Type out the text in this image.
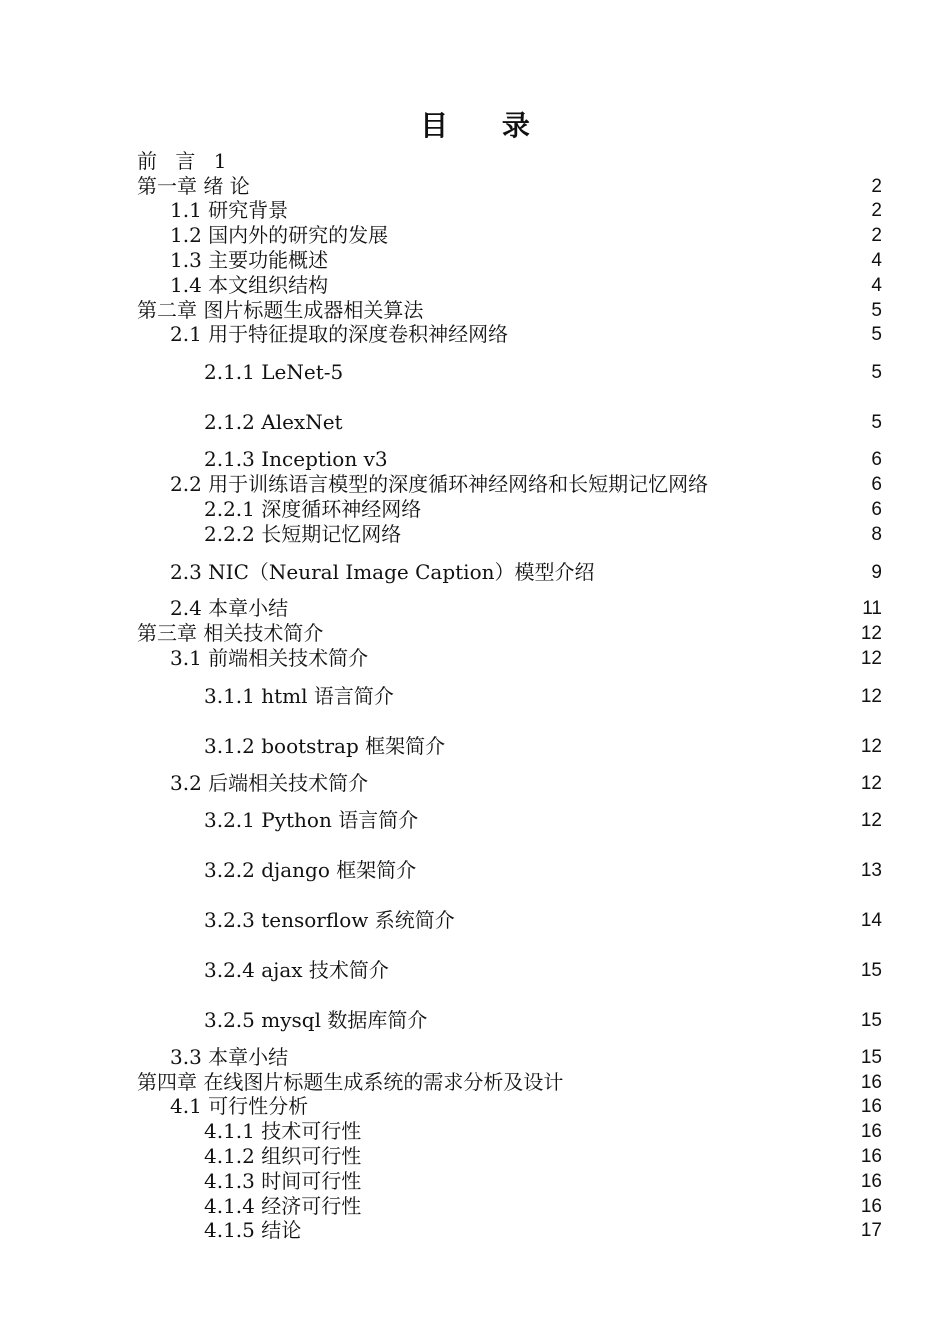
目 录
前 言 1
第一章 绪 论	2
1.1 研究背景	2
1.2 国内外的研究的发展	2
1.3 主要功能概述	4
1.4 本文组织结构	4
第二章 图片标题生成器相关算法	5
2.1 用于特征提取的深度卷积神经网络	5
2.1.1 LeNet-5	5
2.1.2 AlexNet	5
2.1.3 Inception v3	6
2.2 用于训练语言模型的深度循环神经网络和长短期记忆网络	6
2.2.1 深度循环神经网络	6
2.2.2 长短期记忆网络	8
2.3 NIC（Neural Image Caption）模型介绍	9
2.4 本章小结	11
第三章 相关技术简介	12
3.1 前端相关技术简介	12
3.1.1 html 语言简介	12
3.1.2 bootstrap 框架简介	12
3.2 后端相关技术简介	12
3.2.1 Python 语言简介	12
3.2.2 django 框架简介	13
3.2.3 tensorflow 系统简介	14
3.2.4 ajax 技术简介	15
3.2.5 mysql 数据库简介	15
3.3 本章小结	15
第四章 在线图片标题生成系统的需求分析及设计	16
4.1 可行性分析	16
4.1.1 技术可行性	16
4.1.2 组织可行性	16
4.1.3 时间可行性	16
4.1.4 经济可行性	16
4.1.5 结论	17
